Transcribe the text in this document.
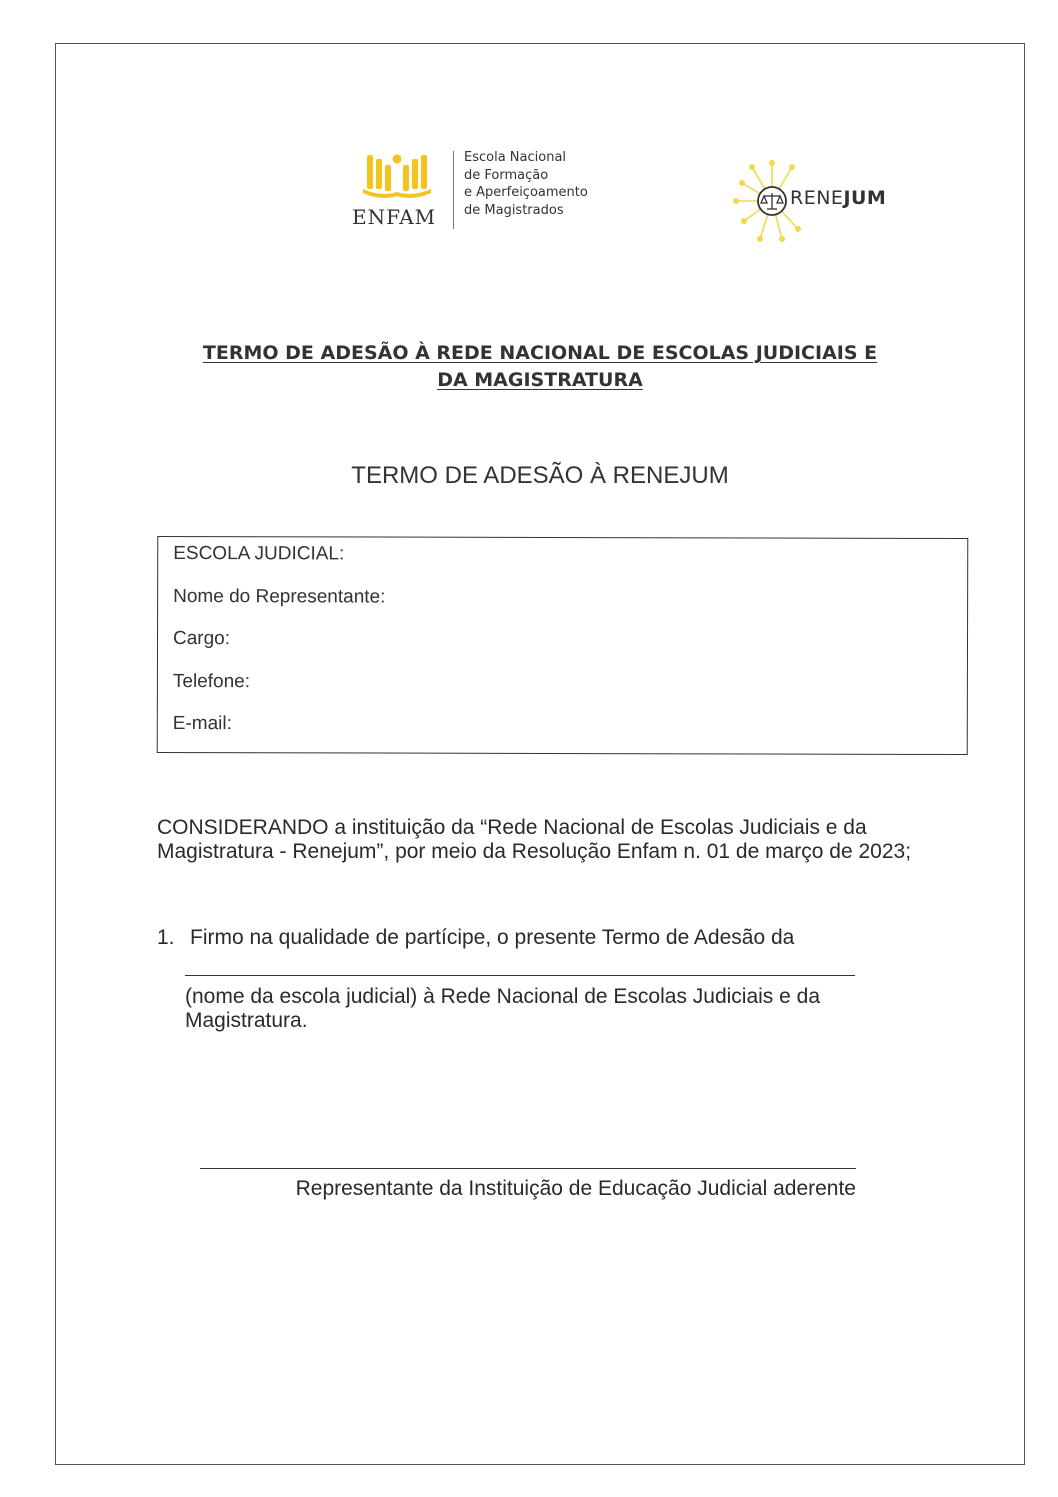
ENFAM
Escola Nacional
de Formação
e Aperfeiçoamento
de Magistrados
RENEJUM
TERMO DE ADESÃO À REDE NACIONAL DE ESCOLAS JUDICIAIS E
DA MAGISTRATURA
TERMO DE ADESÃO À RENEJUM
ESCOLA JUDICIAL:
Nome do Representante:
Cargo:
Telefone:
E-mail:
CONSIDERANDO a instituição da “Rede Nacional de Escolas Judiciais e da Magistratura - Renejum”, por meio da Resolução Enfam n. 01 de março de 2023;
1. Firmo na qualidade de partícipe, o presente Termo de Adesão da
(nome da escola judicial) à Rede Nacional de Escolas Judiciais e da Magistratura.
Representante da Instituição de Educação Judicial aderente
